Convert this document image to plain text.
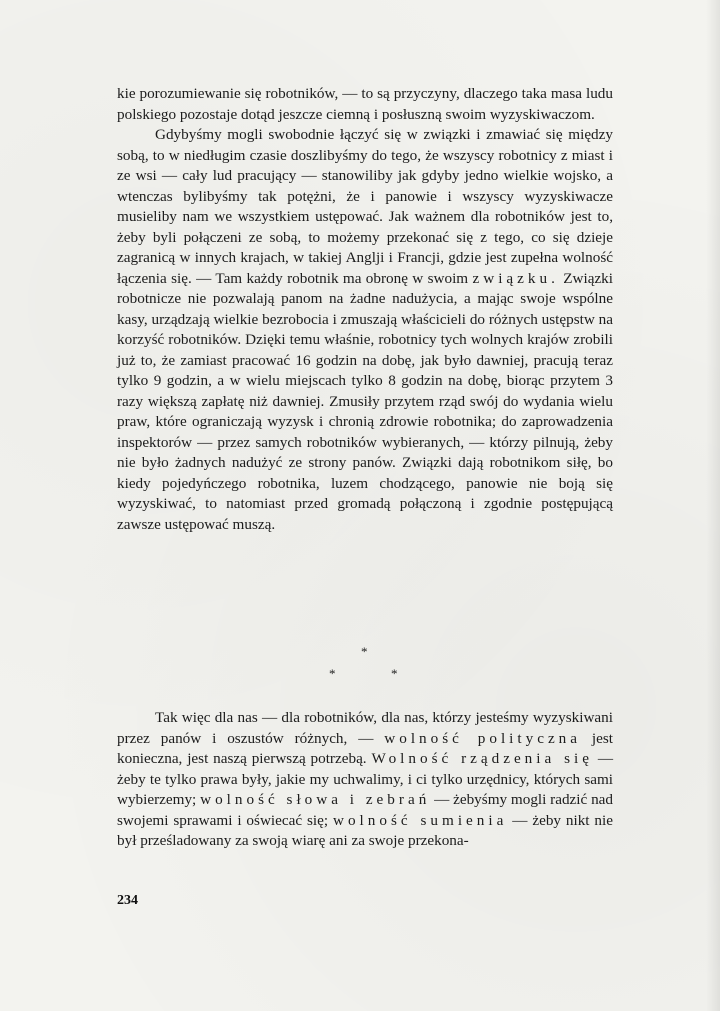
kie porozumiewanie się robotników, — to są przyczyny, dlaczego taka masa ludu polskiego pozostaje dotąd jeszcze ciemną i posłuszną swoim wyzyskiwaczom.

Gdybyśmy mogli swobodnie łączyć się w związki i zmawiać się między sobą, to w niedługim czasie doszlibyśmy do tego, że wszyscy robotnicy z miast i ze wsi — cały lud pracujący — stanowiliby jak gdyby jedno wielkie wojsko, a wtenczas bylibyśmy tak potężni, że i panowie i wszyscy wyzyskiwacze musieliby nam we wszystkiem ustępować. Jak ważnem dla robotników jest to, żeby byli połączeni ze sobą, to możemy przekonać się z tego, co się dzieje zagranicą w innych krajach, w takiej Anglji i Francji, gdzie jest zupełna wolność łączenia się. — Tam każdy robotnik ma obronę w swoim związku. Związki robotnicze nie pozwalają panom na żadne nadużycia, a mając swoje wspólne kasy, urządzają wielkie bezrobocia i zmuszają właścicieli do różnych ustępstw na korzyść robotników. Dzięki temu właśnie, robotnicy tych wolnych krajów zrobili już to, że zamiast pracować 16 godzin na dobę, jak było dawniej, pracują teraz tylko 9 godzin, a w wielu miejscach tylko 8 godzin na dobę, biorąc przytem 3 razy większą zapłatę niż dawniej. Zmusiły przytem rząd swój do wydania wielu praw, które ograniczają wyzysk i chronią zdrowie robotnika; do zaprowadzenia inspektorów — przez samych robotników wybieranych, — którzy pilnują, żeby nie było żadnych nadużyć ze strony panów. Związki dają robotnikom siłę, bo kiedy pojedyńczego robotnika, luzem chodzącego, panowie nie boją się wyzyskiwać, to natomiast przed gromadą połączoną i zgodnie postępującą zawsze ustępować muszą.

*
*	*

Tak więc dla nas — dla robotników, dla nas, którzy jesteśmy wyzyskiwani przez panów i oszustów różnych, — wolność polityczna jest konieczna, jest naszą pierwszą potrzebą. Wolność rządzenia się — żeby te tylko prawa były, jakie my uchwalimy, i ci tylko urzędnicy, których sami wybierzemy; wolność słowa i zebrań — żebyśmy mogli radzić nad swojemi sprawami i oświecać się; wolność sumienia — żeby nikt nie był prześladowany za swoją wiarę ani za swoje przekona-

234
